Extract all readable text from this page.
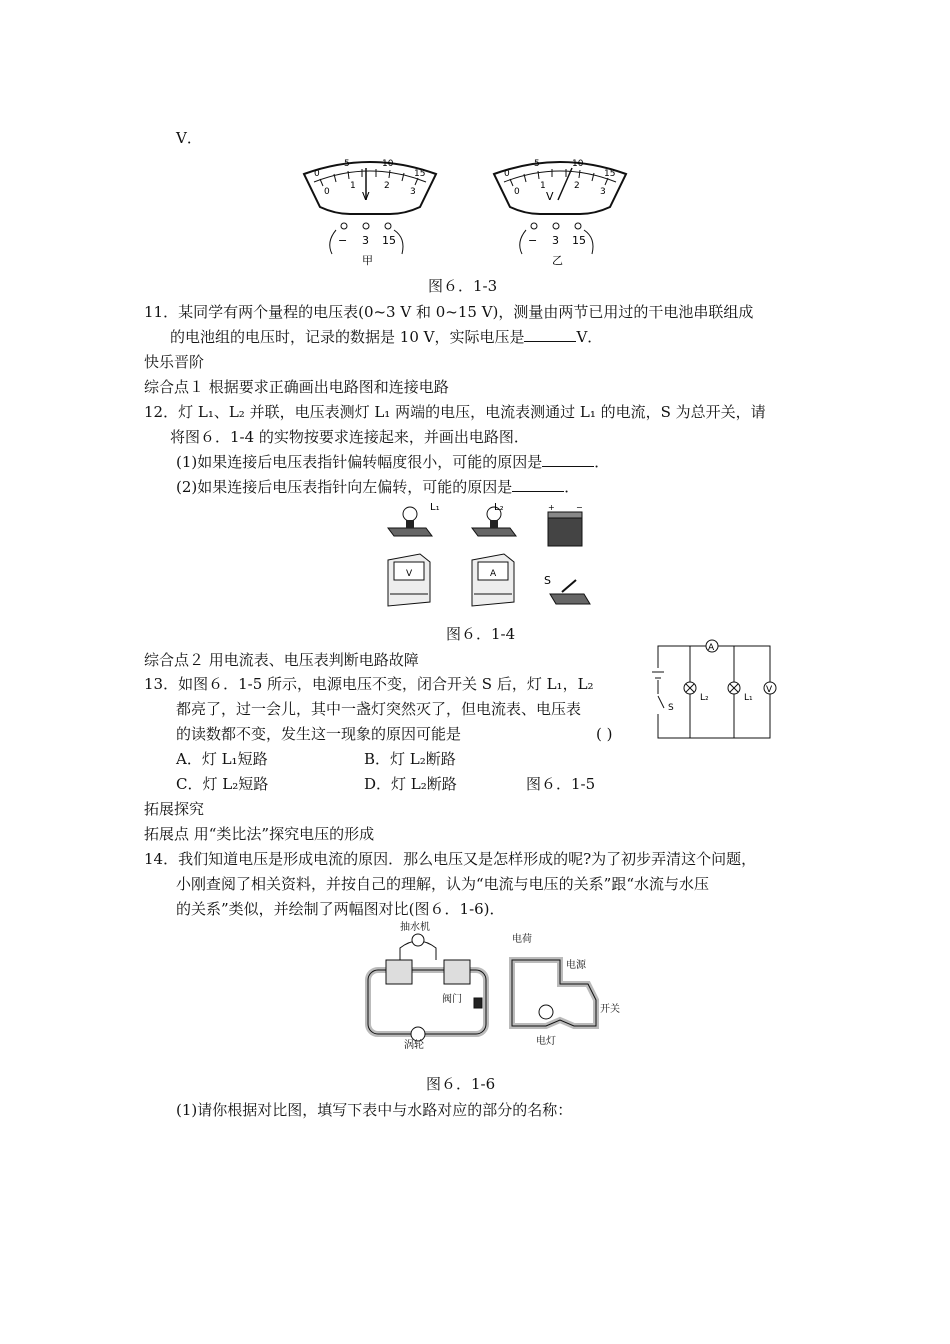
V．
0
5	10
15
0
1	2
3
V
− 3 15
甲
0
5	10
15
0
1	2
3
V
− 3 15
乙
图６．1-3
11．某同学有两个量程的电压表(0~3 V 和 0~15 V)，测量由两节已用过的干电池串联组成
的电池组的电压时，记录的数据是 10 V，实际电压是	V．
快乐晋阶
综合点１ 根据要求正确画出电路图和连接电路
12．灯 L₁、L₂ 并联，电压表测灯 L₁ 两端的电压，电流表测通过 L₁ 的电流，S 为总开关，请
将图６．1-4 的实物按要求连接起来，并画出电路图．
(1)如果连接后电压表指针偏转幅度很小，可能的原因是	．
(2)如果连接后电压表指针向左偏转，可能的原因是	．
L₁	L₂	+	−
V	A	S
图６．1-4
综合点２ 用电流表、电压表判断电路故障
13．如图６．1-5 所示，电源电压不变，闭合开关 S 后，灯 L₁，L₂
都亮了，过一会儿，其中一盏灯突然灭了，但电流表、电压表
的读数都不变，发生这一现象的原因可能是	( )
A．灯 L₁短路	B．灯 L₂断路
C．灯 L₂短路	D．灯 L₂断路	图６．1-5
A
V
L₂	L₁
S
拓展探究
拓展点 用“类比法”探究电压的形成
14．我们知道电压是形成电流的原因．那么电压又是怎样形成的呢?为了初步弄清这个问题，
小刚查阅了相关资料，并按自己的理解，认为“电流与电压的关系”跟“水流与水压
的关系”类似，并绘制了两幅图对比(图６．1-6)．
抽水机
阀门
涡轮
电荷
电源
开关
电灯
图６．1-6
(1)请你根据对比图，填写下表中与水路对应的部分的名称：
